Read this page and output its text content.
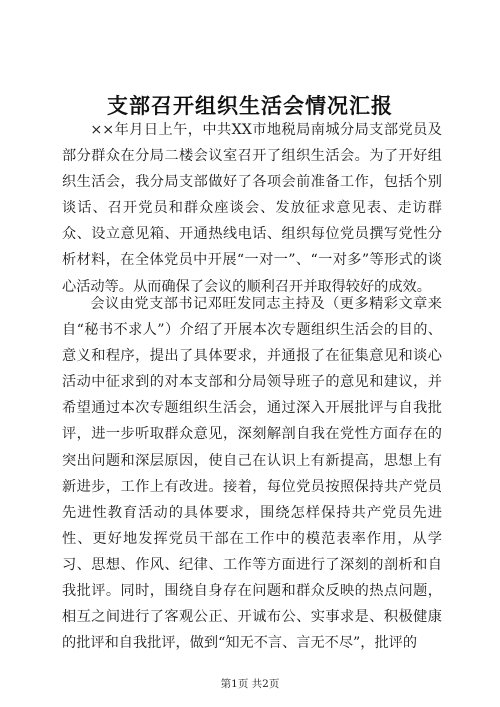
支部召开组织生活会情况汇报

××年月日上午，中共XX市地税局南城分局支部党员及部分群众在分局二楼会议室召开了组织生活会。为了开好组织生活会，我分局支部做好了各项会前准备工作，包括个别谈话、召开党员和群众座谈会、发放征求意见表、走访群众、设立意见箱、开通热线电话、组织每位党员撰写党性分析材料，在全体党员中开展“一对一”、“一对多”等形式的谈心活动等。从而确保了会议的顺利召开并取得较好的成效。

会议由党支部书记邓旺发同志主持及（更多精彩文章来自“秘书不求人”）介绍了开展本次专题组织生活会的目的、意义和程序，提出了具体要求，并通报了在征集意见和谈心活动中征求到的对本支部和分局领导班子的意见和建议，并希望通过本次专题组织生活会，通过深入开展批评与自我批评，进一步听取群众意见，深刻解剖自我在党性方面存在的突出问题和深层原因，使自己在认识上有新提高，思想上有新进步，工作上有改进。接着，每位党员按照保持共产党员先进性教育活动的具体要求，围绕怎样保持共产党员先进性、更好地发挥党员干部在工作中的模范表率作用，从学习、思想、作风、纪律、工作等方面进行了深刻的剖析和自我批评。同时，围绕自身存在问题和群众反映的热点问题，相互之间进行了客观公正、开诚布公、实事求是、积极健康的批评和自我批评，做到“知无不言、言无不尽”，批评的

第1页 共2页
